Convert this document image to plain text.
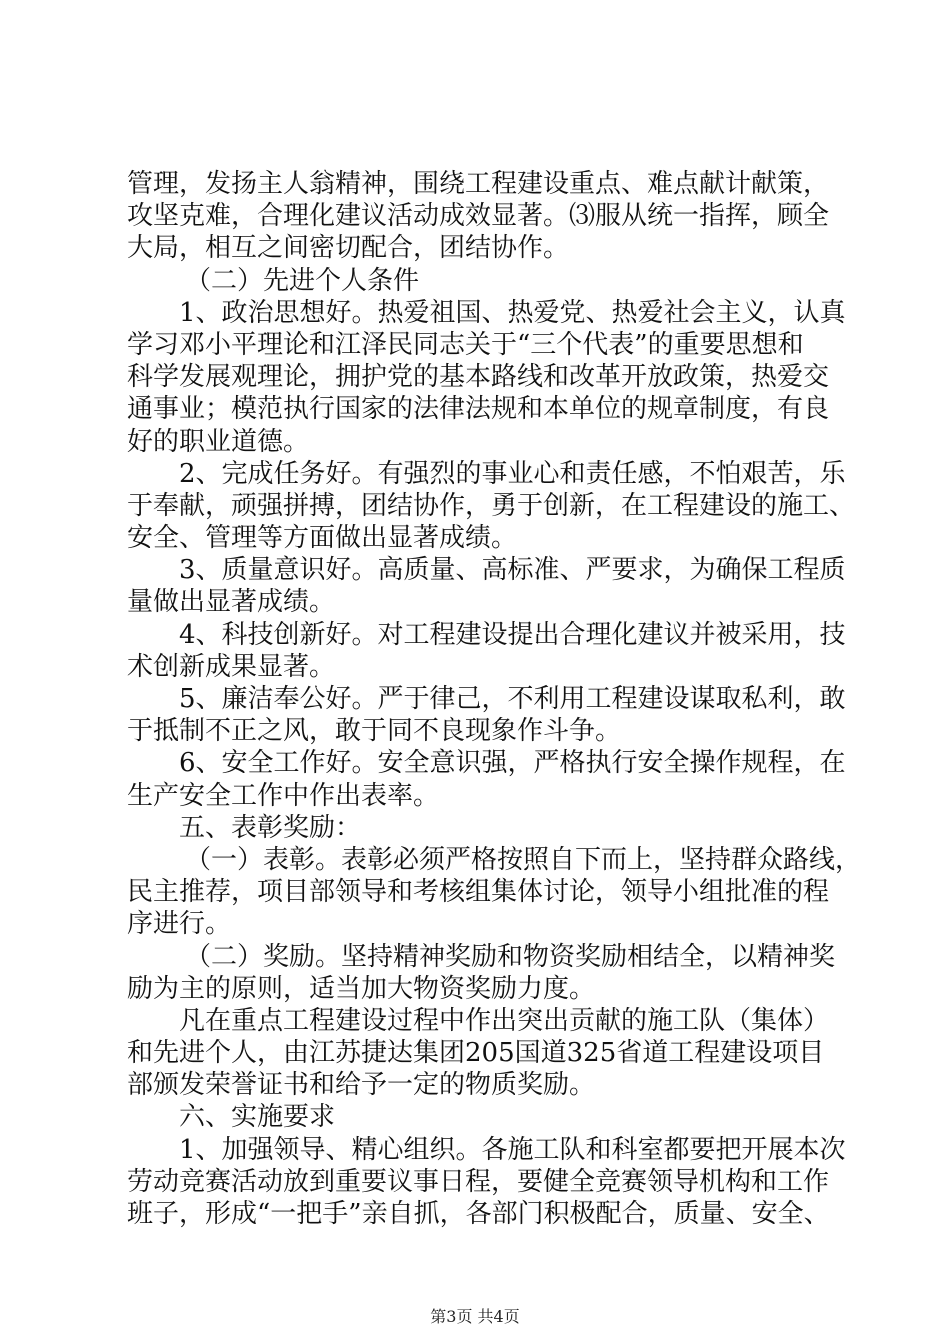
管理，发扬主人翁精神，围绕工程建设重点、难点献计献策，
攻坚克难，合理化建议活动成效显著。⑶服从统一指挥，顾全
大局，相互之间密切配合，团结协作。
（二）先进个人条件
1、政治思想好。热爱祖国、热爱党、热爱社会主义，认真
学习邓小平理论和江泽民同志关于“三个代表”的重要思想和
科学发展观理论，拥护党的基本路线和改革开放政策，热爱交
通事业；模范执行国家的法律法规和本单位的规章制度，有良
好的职业道德。
2、完成任务好。有强烈的事业心和责任感，不怕艰苦，乐
于奉献，顽强拼搏，团结协作，勇于创新，在工程建设的施工、
安全、管理等方面做出显著成绩。
3、质量意识好。高质量、高标准、严要求，为确保工程质
量做出显著成绩。
4、科技创新好。对工程建设提出合理化建议并被采用，技
术创新成果显著。
5、廉洁奉公好。严于律己，不利用工程建设谋取私利，敢
于抵制不正之风，敢于同不良现象作斗争。
6、安全工作好。安全意识强，严格执行安全操作规程，在
生产安全工作中作出表率。
五、表彰奖励：
（一）表彰。表彰必须严格按照自下而上，坚持群众路线，
民主推荐，项目部领导和考核组集体讨论，领导小组批准的程
序进行。
（二）奖励。坚持精神奖励和物资奖励相结全，以精神奖
励为主的原则，适当加大物资奖励力度。
凡在重点工程建设过程中作出突出贡献的施工队（集体）
和先进个人，由江苏捷达集团205国道325省道工程建设项目
部颁发荣誉证书和给予一定的物质奖励。
六、实施要求
1、加强领导、精心组织。各施工队和科室都要把开展本次
劳动竞赛活动放到重要议事日程，要健全竞赛领导机构和工作
班子，形成“一把手”亲自抓，各部门积极配合，质量、安全、
第3页 共4页
